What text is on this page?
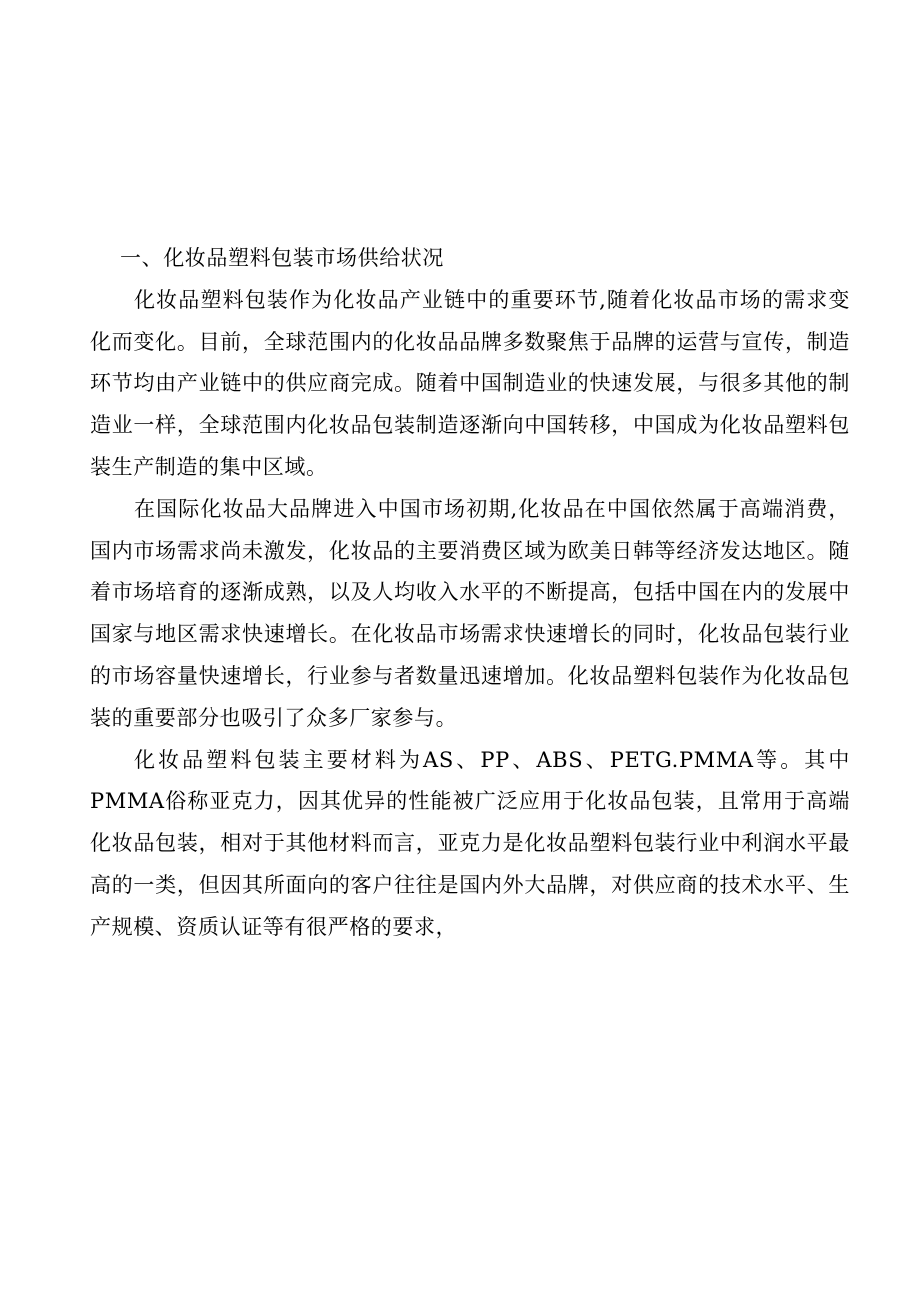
一、化妆品塑料包装市场供给状况

化妆品塑料包装作为化妆品产业链中的重要环节,随着化妆品市场的需求变化而变化。目前，全球范围内的化妆品品牌多数聚焦于品牌的运营与宣传，制造环节均由产业链中的供应商完成。随着中国制造业的快速发展，与很多其他的制造业一样，全球范围内化妆品包装制造逐渐向中国转移，中国成为化妆品塑料包装生产制造的集中区域。

在国际化妆品大品牌进入中国市场初期,化妆品在中国依然属于高端消费，国内市场需求尚未激发，化妆品的主要消费区域为欧美日韩等经济发达地区。随着市场培育的逐渐成熟，以及人均收入水平的不断提高，包括中国在内的发展中国家与地区需求快速增长。在化妆品市场需求快速增长的同时，化妆品包装行业的市场容量快速增长，行业参与者数量迅速增加。化妆品塑料包装作为化妆品包装的重要部分也吸引了众多厂家参与。

化妆品塑料包装主要材料为AS、PP、ABS、PETG.PMMA等。其中PMMA俗称亚克力，因其优异的性能被广泛应用于化妆品包装，且常用于高端化妆品包装，相对于其他材料而言，亚克力是化妆品塑料包装行业中利润水平最高的一类，但因其所面向的客户往往是国内外大品牌，对供应商的技术水平、生产规模、资质认证等有很严格的要求，
